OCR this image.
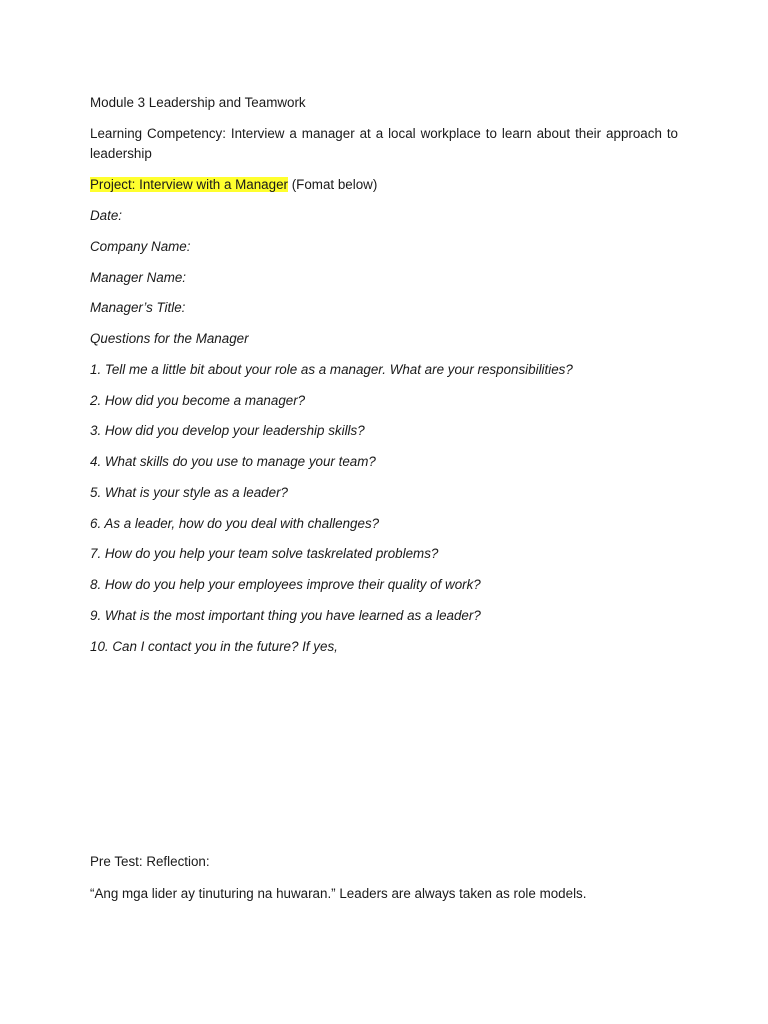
Module 3 Leadership and Teamwork
Learning Competency: Interview a manager at a local workplace to learn about their approach to leadership
Project: Interview with a Manager (Fomat below)
Date:
Company Name:
Manager Name:
Manager’s Title:
Questions for the Manager
1. Tell me a little bit about your role as a manager. What are your responsibilities?
2. How did you become a manager?
3. How did you develop your leadership skills?
4. What skills do you use to manage your team?
5. What is your style as a leader?
6. As a leader, how do you deal with challenges?
7. How do you help your team solve taskrelated problems?
8. How do you help your employees improve their quality of work?
9. What is the most important thing you have learned as a leader?
10. Can I contact you in the future? If yes,
Pre Test: Reflection:
“Ang mga lider ay tinuturing na huwaran.” Leaders are always taken as role models.
